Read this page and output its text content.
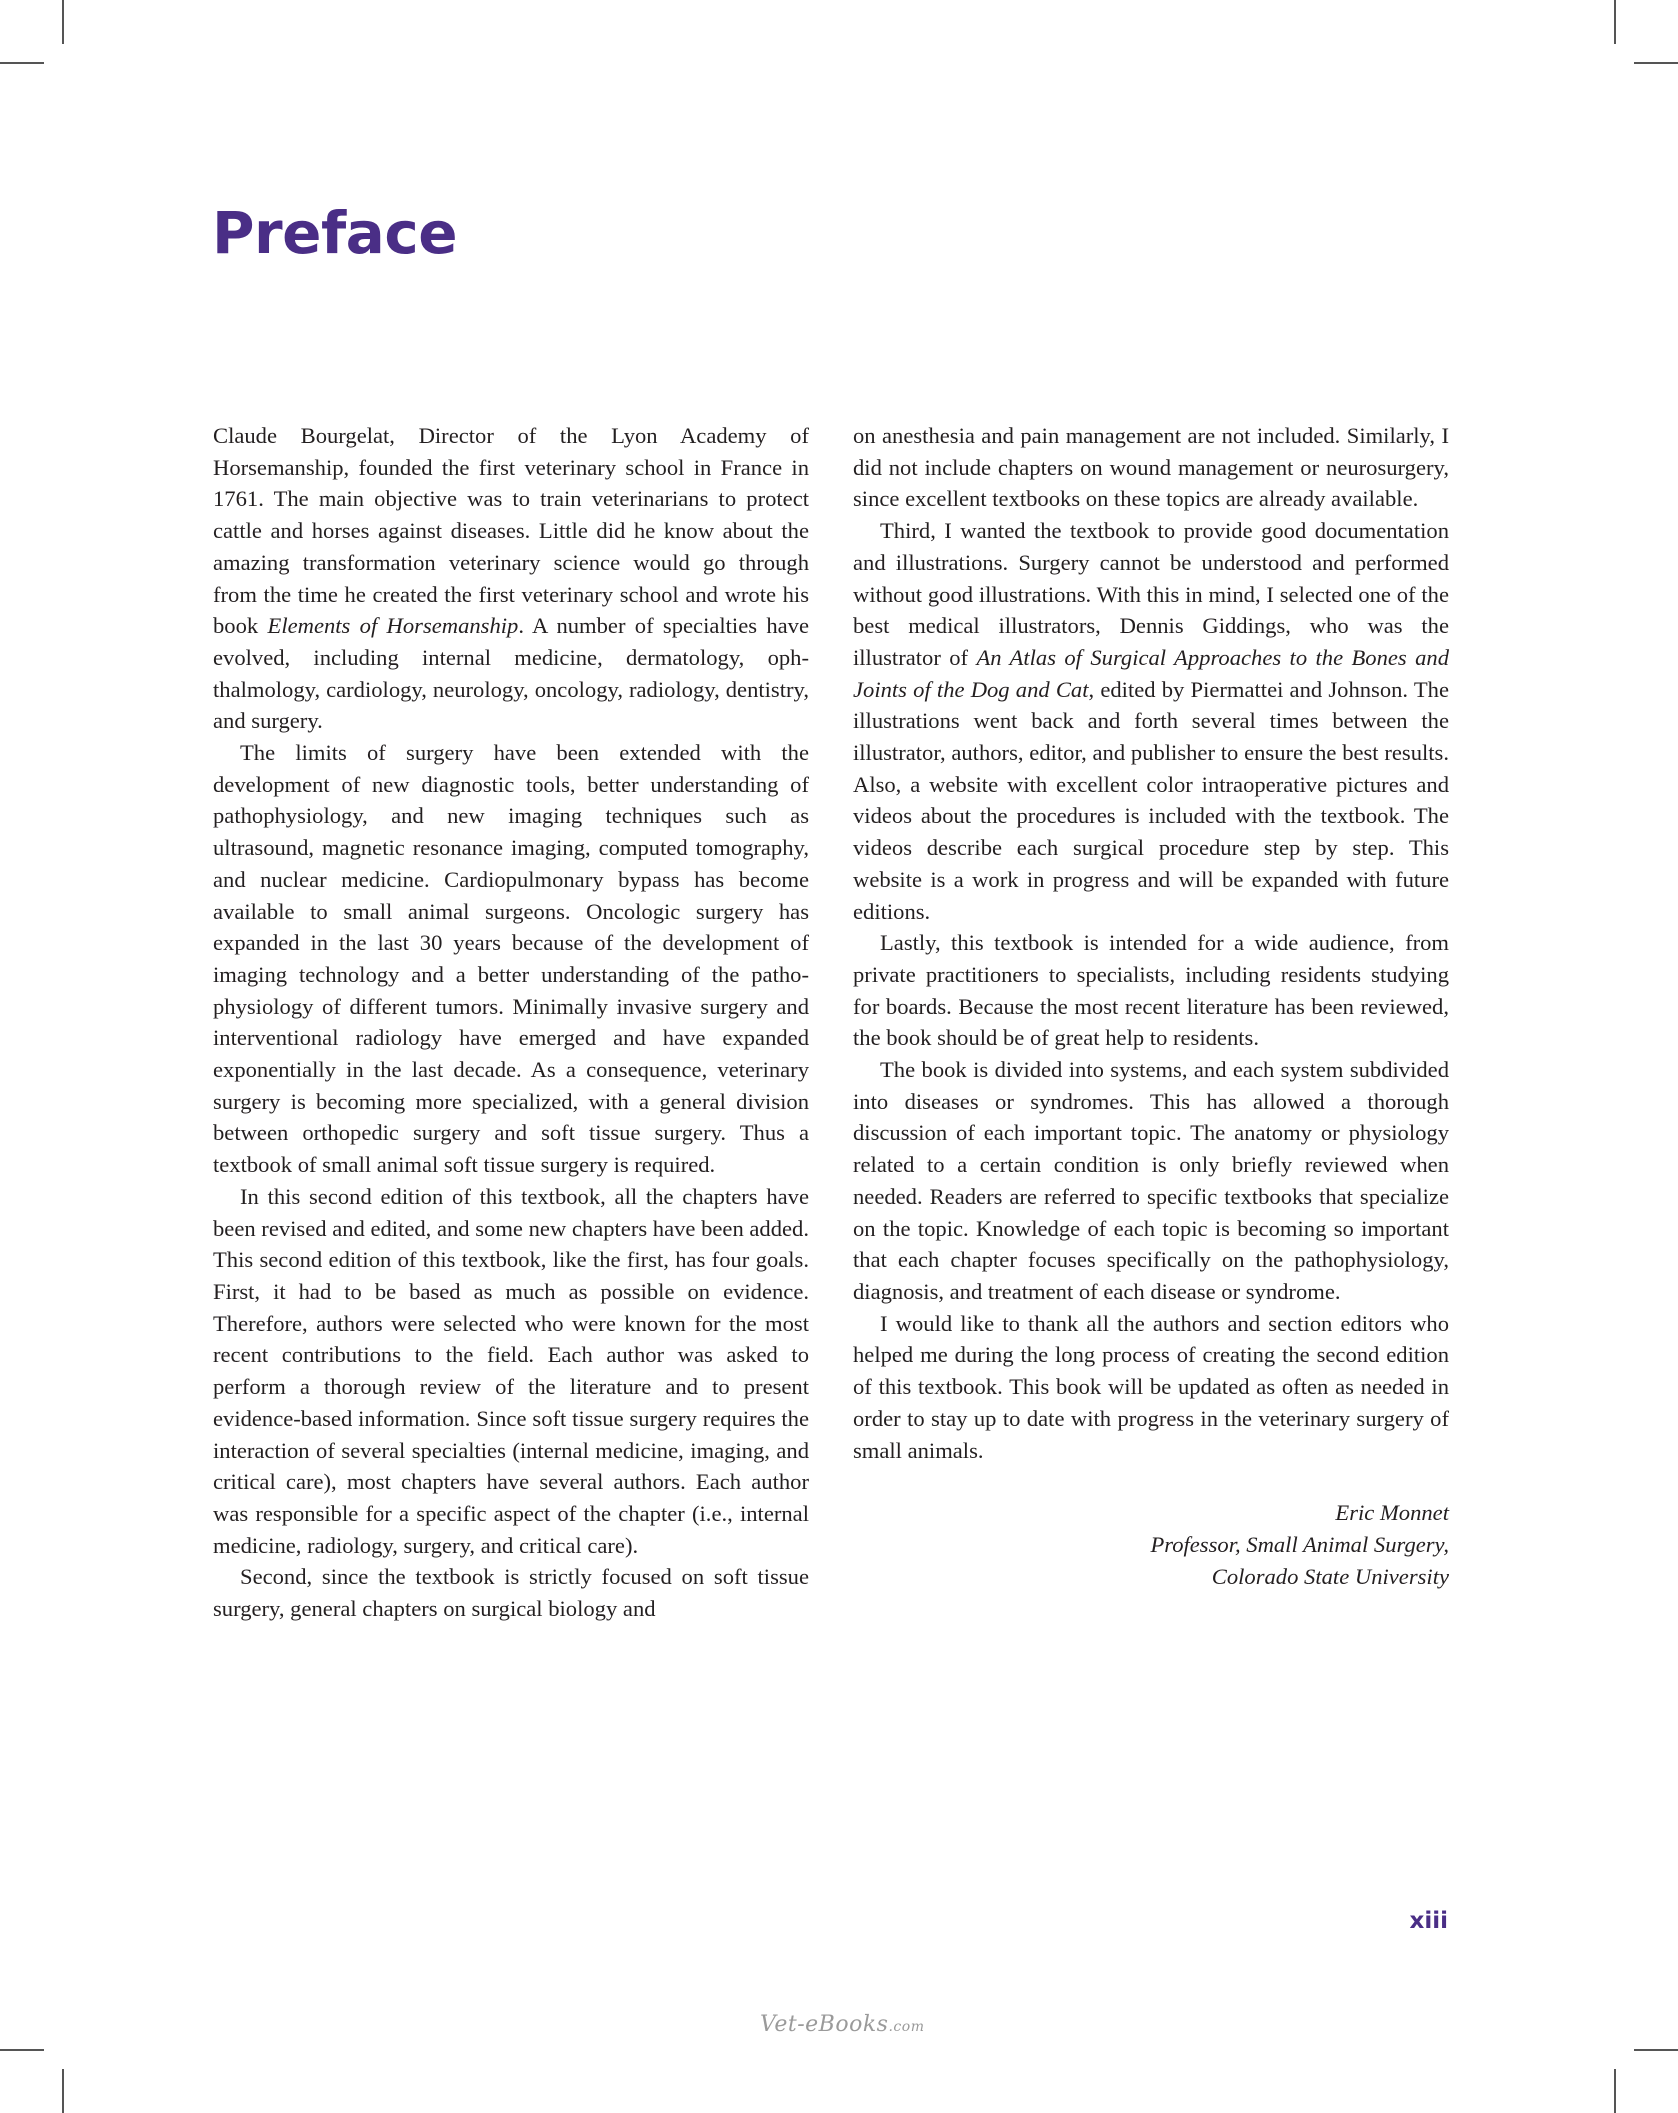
Preface

Claude Bourgelat, Director of the Lyon Academy of Horsemanship, founded the first veterinary school in France in 1761. The main objective was to train veterinarians to protect cattle and horses against diseases. Little did he know about the amazing transformation veterinary science would go through from the time he created the first veterinary school and wrote his book Elements of Horsemanship. A number of specialties have evolved, including internal medicine, dermatology, ophthalmology, cardiology, neurology, oncology, radiology, dentistry, and surgery.

The limits of surgery have been extended with the development of new diagnostic tools, better understanding of pathophysiology, and new imaging techniques such as ultrasound, magnetic resonance imaging, computed tomography, and nuclear medicine. Cardiopulmonary bypass has become available to small animal surgeons. Oncologic surgery has expanded in the last 30 years because of the development of imaging technology and a better understanding of the pathophysiology of different tumors. Minimally invasive surgery and interventional radiology have emerged and have expanded exponentially in the last decade. As a consequence, veterinary surgery is becoming more specialized, with a general division between orthopedic surgery and soft tissue surgery. Thus a textbook of small animal soft tissue surgery is required.

In this second edition of this textbook, all the chapters have been revised and edited, and some new chapters have been added. This second edition of this textbook, like the first, has four goals. First, it had to be based as much as possible on evidence. Therefore, authors were selected who were known for the most recent contributions to the field. Each author was asked to perform a thorough review of the literature and to present evidence-based information. Since soft tissue surgery requires the interaction of several specialties (internal medicine, imaging, and critical care), most chapters have several authors. Each author was responsible for a specific aspect of the chapter (i.e., internal medicine, radiology, surgery, and critical care).

Second, since the textbook is strictly focused on soft tissue surgery, general chapters on surgical biology and

on anesthesia and pain management are not included. Similarly, I did not include chapters on wound management or neurosurgery, since excellent textbooks on these topics are already available.

Third, I wanted the textbook to provide good documentation and illustrations. Surgery cannot be understood and performed without good illustrations. With this in mind, I selected one of the best medical illustrators, Dennis Giddings, who was the illustrator of An Atlas of Surgical Approaches to the Bones and Joints of the Dog and Cat, edited by Piermattei and Johnson. The illustrations went back and forth several times between the illustrator, authors, editor, and publisher to ensure the best results. Also, a website with excellent color intraoperative pictures and videos about the procedures is included with the textbook. The videos describe each surgical procedure step by step. This website is a work in progress and will be expanded with future editions.

Lastly, this textbook is intended for a wide audience, from private practitioners to specialists, including residents studying for boards. Because the most recent literature has been reviewed, the book should be of great help to residents.

The book is divided into systems, and each system subdivided into diseases or syndromes. This has allowed a thorough discussion of each important topic. The anatomy or physiology related to a certain condition is only briefly reviewed when needed. Readers are referred to specific textbooks that specialize on the topic. Knowledge of each topic is becoming so important that each chapter focuses specifically on the pathophysiology, diagnosis, and treatment of each disease or syndrome.

I would like to thank all the authors and section editors who helped me during the long process of creating the second edition of this textbook. This book will be updated as often as needed in order to stay up to date with progress in the veterinary surgery of small animals.

Eric Monnet
Professor, Small Animal Surgery,
Colorado State University
xiii
Vet-eBooks.com
